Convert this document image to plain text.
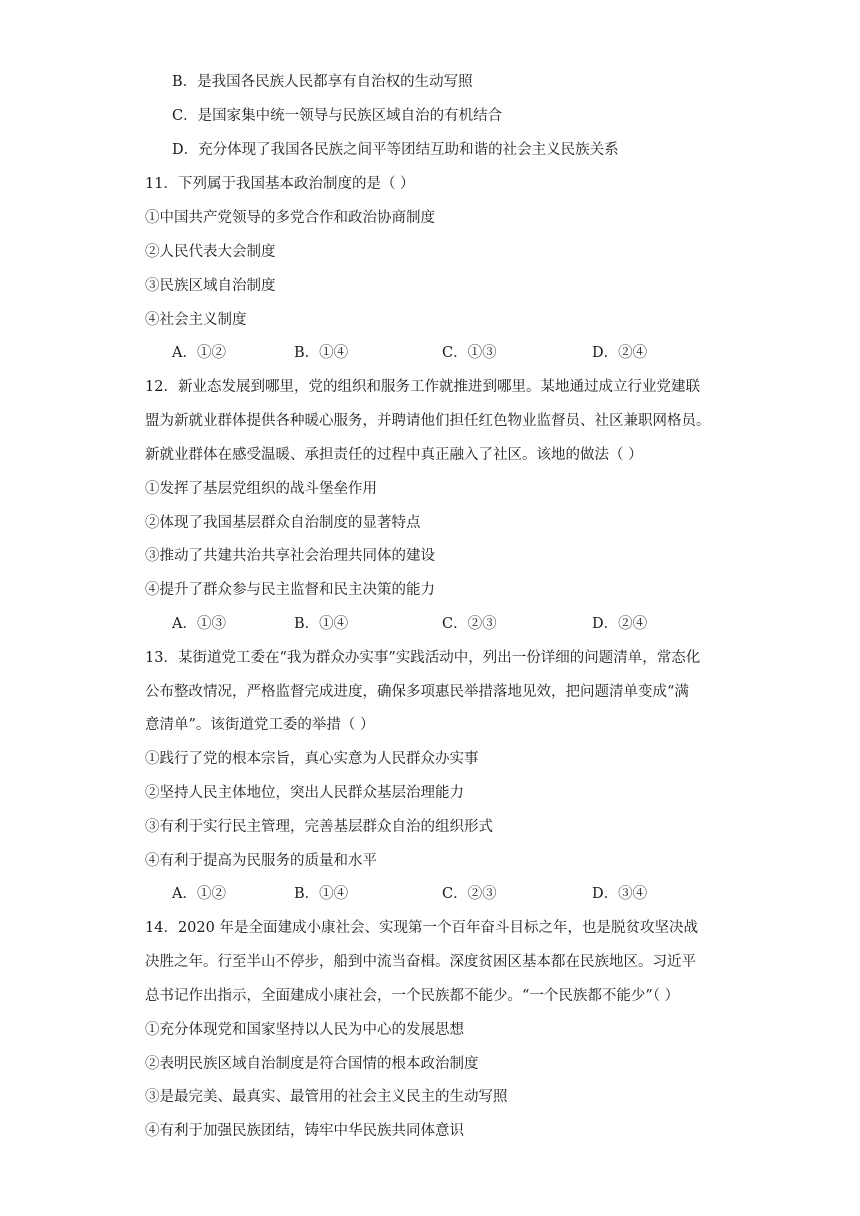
B．是我国各民族人民都享有自治权的生动写照
C．是国家集中统一领导与民族区域自治的有机结合
D．充分体现了我国各民族之间平等团结互助和谐的社会主义民族关系
11．下列属于我国基本政治制度的是（ ）
①中国共产党领导的多党合作和政治协商制度
②人民代表大会制度
③民族区域自治制度
④社会主义制度
A．①②	B．①④	C．①③	D．②④
12．新业态发展到哪里，党的组织和服务工作就推进到哪里。某地通过成立行业党建联
盟为新就业群体提供各种暖心服务，并聘请他们担任红色物业监督员、社区兼职网格员。
新就业群体在感受温暖、承担责任的过程中真正融入了社区。该地的做法（ ）
①发挥了基层党组织的战斗堡垒作用
②体现了我国基层群众自治制度的显著特点
③推动了共建共治共享社会治理共同体的建设
④提升了群众参与民主监督和民主决策的能力
A．①③	B．①④	C．②③	D．②④
13．某街道党工委在“我为群众办实事”实践活动中，列出一份详细的问题清单，常态化
公布整改情况，严格监督完成进度，确保多项惠民举措落地见效，把问题清单变成“满
意清单”。该街道党工委的举措（ ）
①践行了党的根本宗旨，真心实意为人民群众办实事
②坚持人民主体地位，突出人民群众基层治理能力
③有利于实行民主管理，完善基层群众自治的组织形式
④有利于提高为民服务的质量和水平
A．①②	B．①④	C．②③	D．③④
14．2020 年是全面建成小康社会、实现第一个百年奋斗目标之年，也是脱贫攻坚决战
决胜之年。行至半山不停步，船到中流当奋楫。深度贫困区基本都在民族地区。习近平
总书记作出指示，全面建成小康社会，一个民族都不能少。“一个民族都不能少”（ ）
①充分体现党和国家坚持以人民为中心的发展思想
②表明民族区域自治制度是符合国情的根本政治制度
③是最完美、最真实、最管用的社会主义民主的生动写照
④有利于加强民族团结，铸牢中华民族共同体意识
